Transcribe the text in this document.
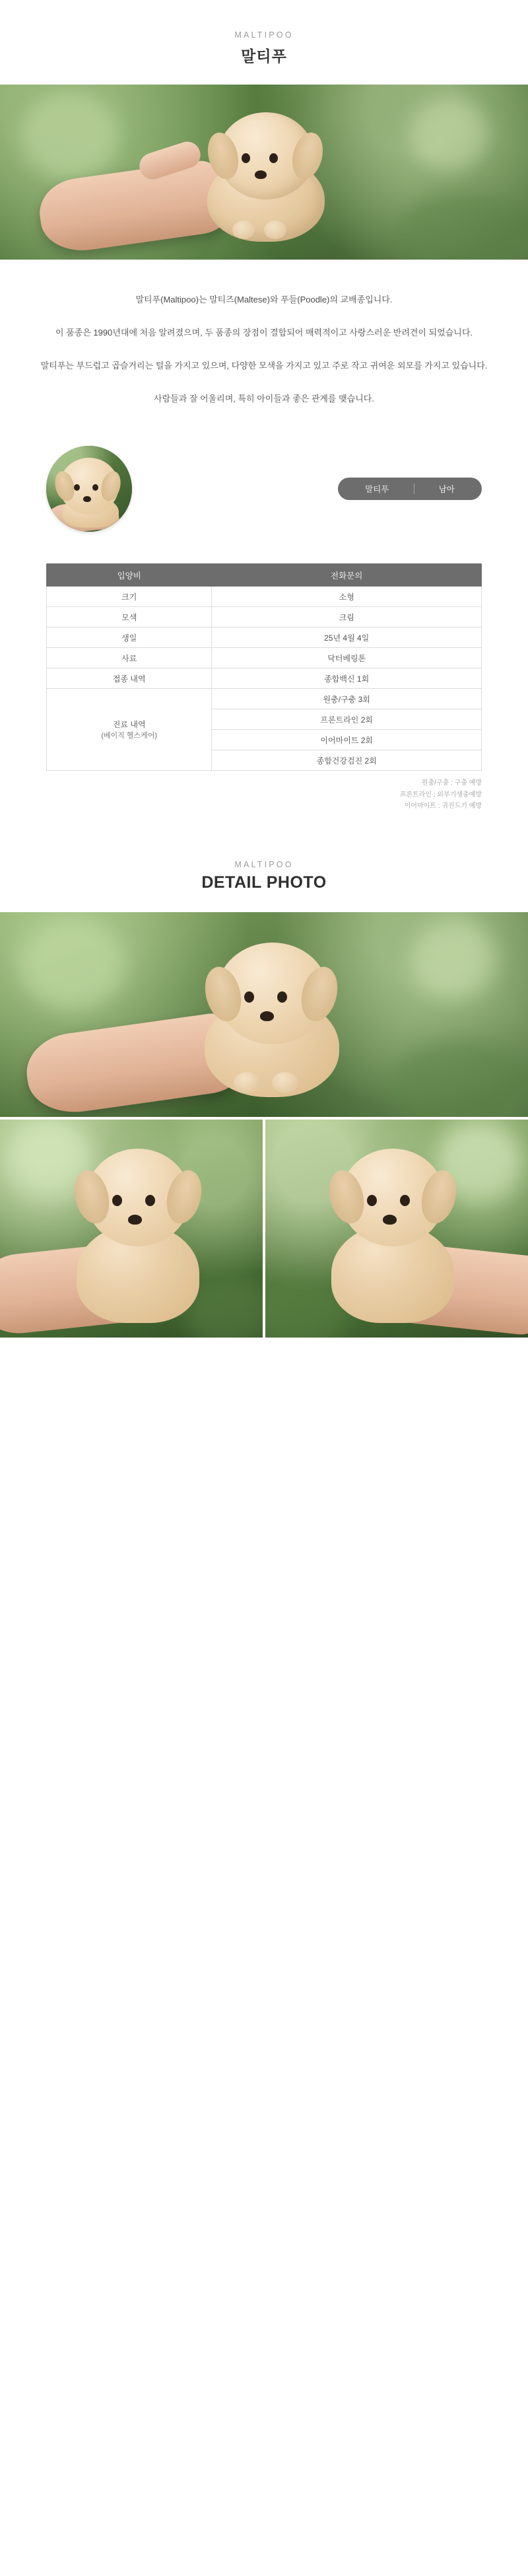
MALTIPOO
말티푸

말티푸(Maltipoo)는 말티즈(Maltese)와 푸들(Poodle)의 교배종입니다.

이 품종은 1990년대에 처음 알려졌으며, 두 품종의 장점이 결합되어 매력적이고 사랑스러운 반려견이 되었습니다.

말티푸는 부드럽고 곱슬거리는 털을 가지고 있으며, 다양한 모색을 가지고 있고 주로 작고 귀여운 외모를 가지고 있습니다.

사람들과 잘 어울리며, 특히 아이들과 좋은 관계를 맺습니다.

말티푸	남아
입양비	전화문의
크기	소형
모색	크림
생일	25년 4월 4일
사료	닥터베링톤
접종 내역	종합백신 1회

진료 내역
(베이직 헬스케어)	원충/구충 3회
	프론트라인 2회
	이어마이트 2회
	종합건강검진 2회
원충/구충 : 구충 예방
프론트라인 : 외부기생충예방
이어마이트 : 귀진드기 예방
MALTIPOO
DETAIL PHOTO
